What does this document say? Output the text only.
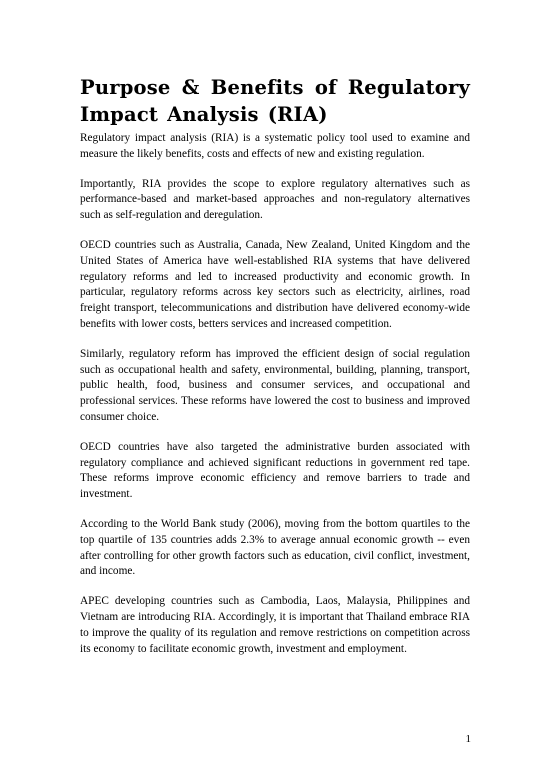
Purpose & Benefits of Regulatory Impact Analysis (RIA)

Regulatory impact analysis (RIA) is a systematic policy tool used to examine and measure the likely benefits, costs and effects of new and existing regulation.

Importantly, RIA provides the scope to explore regulatory alternatives such as performance-based and market-based approaches and non-regulatory alternatives such as self-regulation and deregulation.

OECD countries such as Australia, Canada, New Zealand, United Kingdom and the United States of America have well-established RIA systems that have delivered regulatory reforms and led to increased productivity and economic growth. In particular, regulatory reforms across key sectors such as electricity, airlines, road freight transport, telecommunications and distribution have delivered economy-wide benefits with lower costs, betters services and increased competition.

Similarly, regulatory reform has improved the efficient design of social regulation such as occupational health and safety, environmental, building, planning, transport, public health, food, business and consumer services, and occupational and professional services. These reforms have lowered the cost to business and improved consumer choice.

OECD countries have also targeted the administrative burden associated with regulatory compliance and achieved significant reductions in government red tape. These reforms improve economic efficiency and remove barriers to trade and investment.

According to the World Bank study (2006), moving from the bottom quartiles to the top quartile of 135 countries adds 2.3% to average annual economic growth -- even after controlling for other growth factors such as education, civil conflict, investment, and income.

APEC developing countries such as Cambodia, Laos, Malaysia, Philippines and Vietnam are introducing RIA. Accordingly, it is important that Thailand embrace RIA to improve the quality of its regulation and remove restrictions on competition across its economy to facilitate economic growth, investment and employment.

1
